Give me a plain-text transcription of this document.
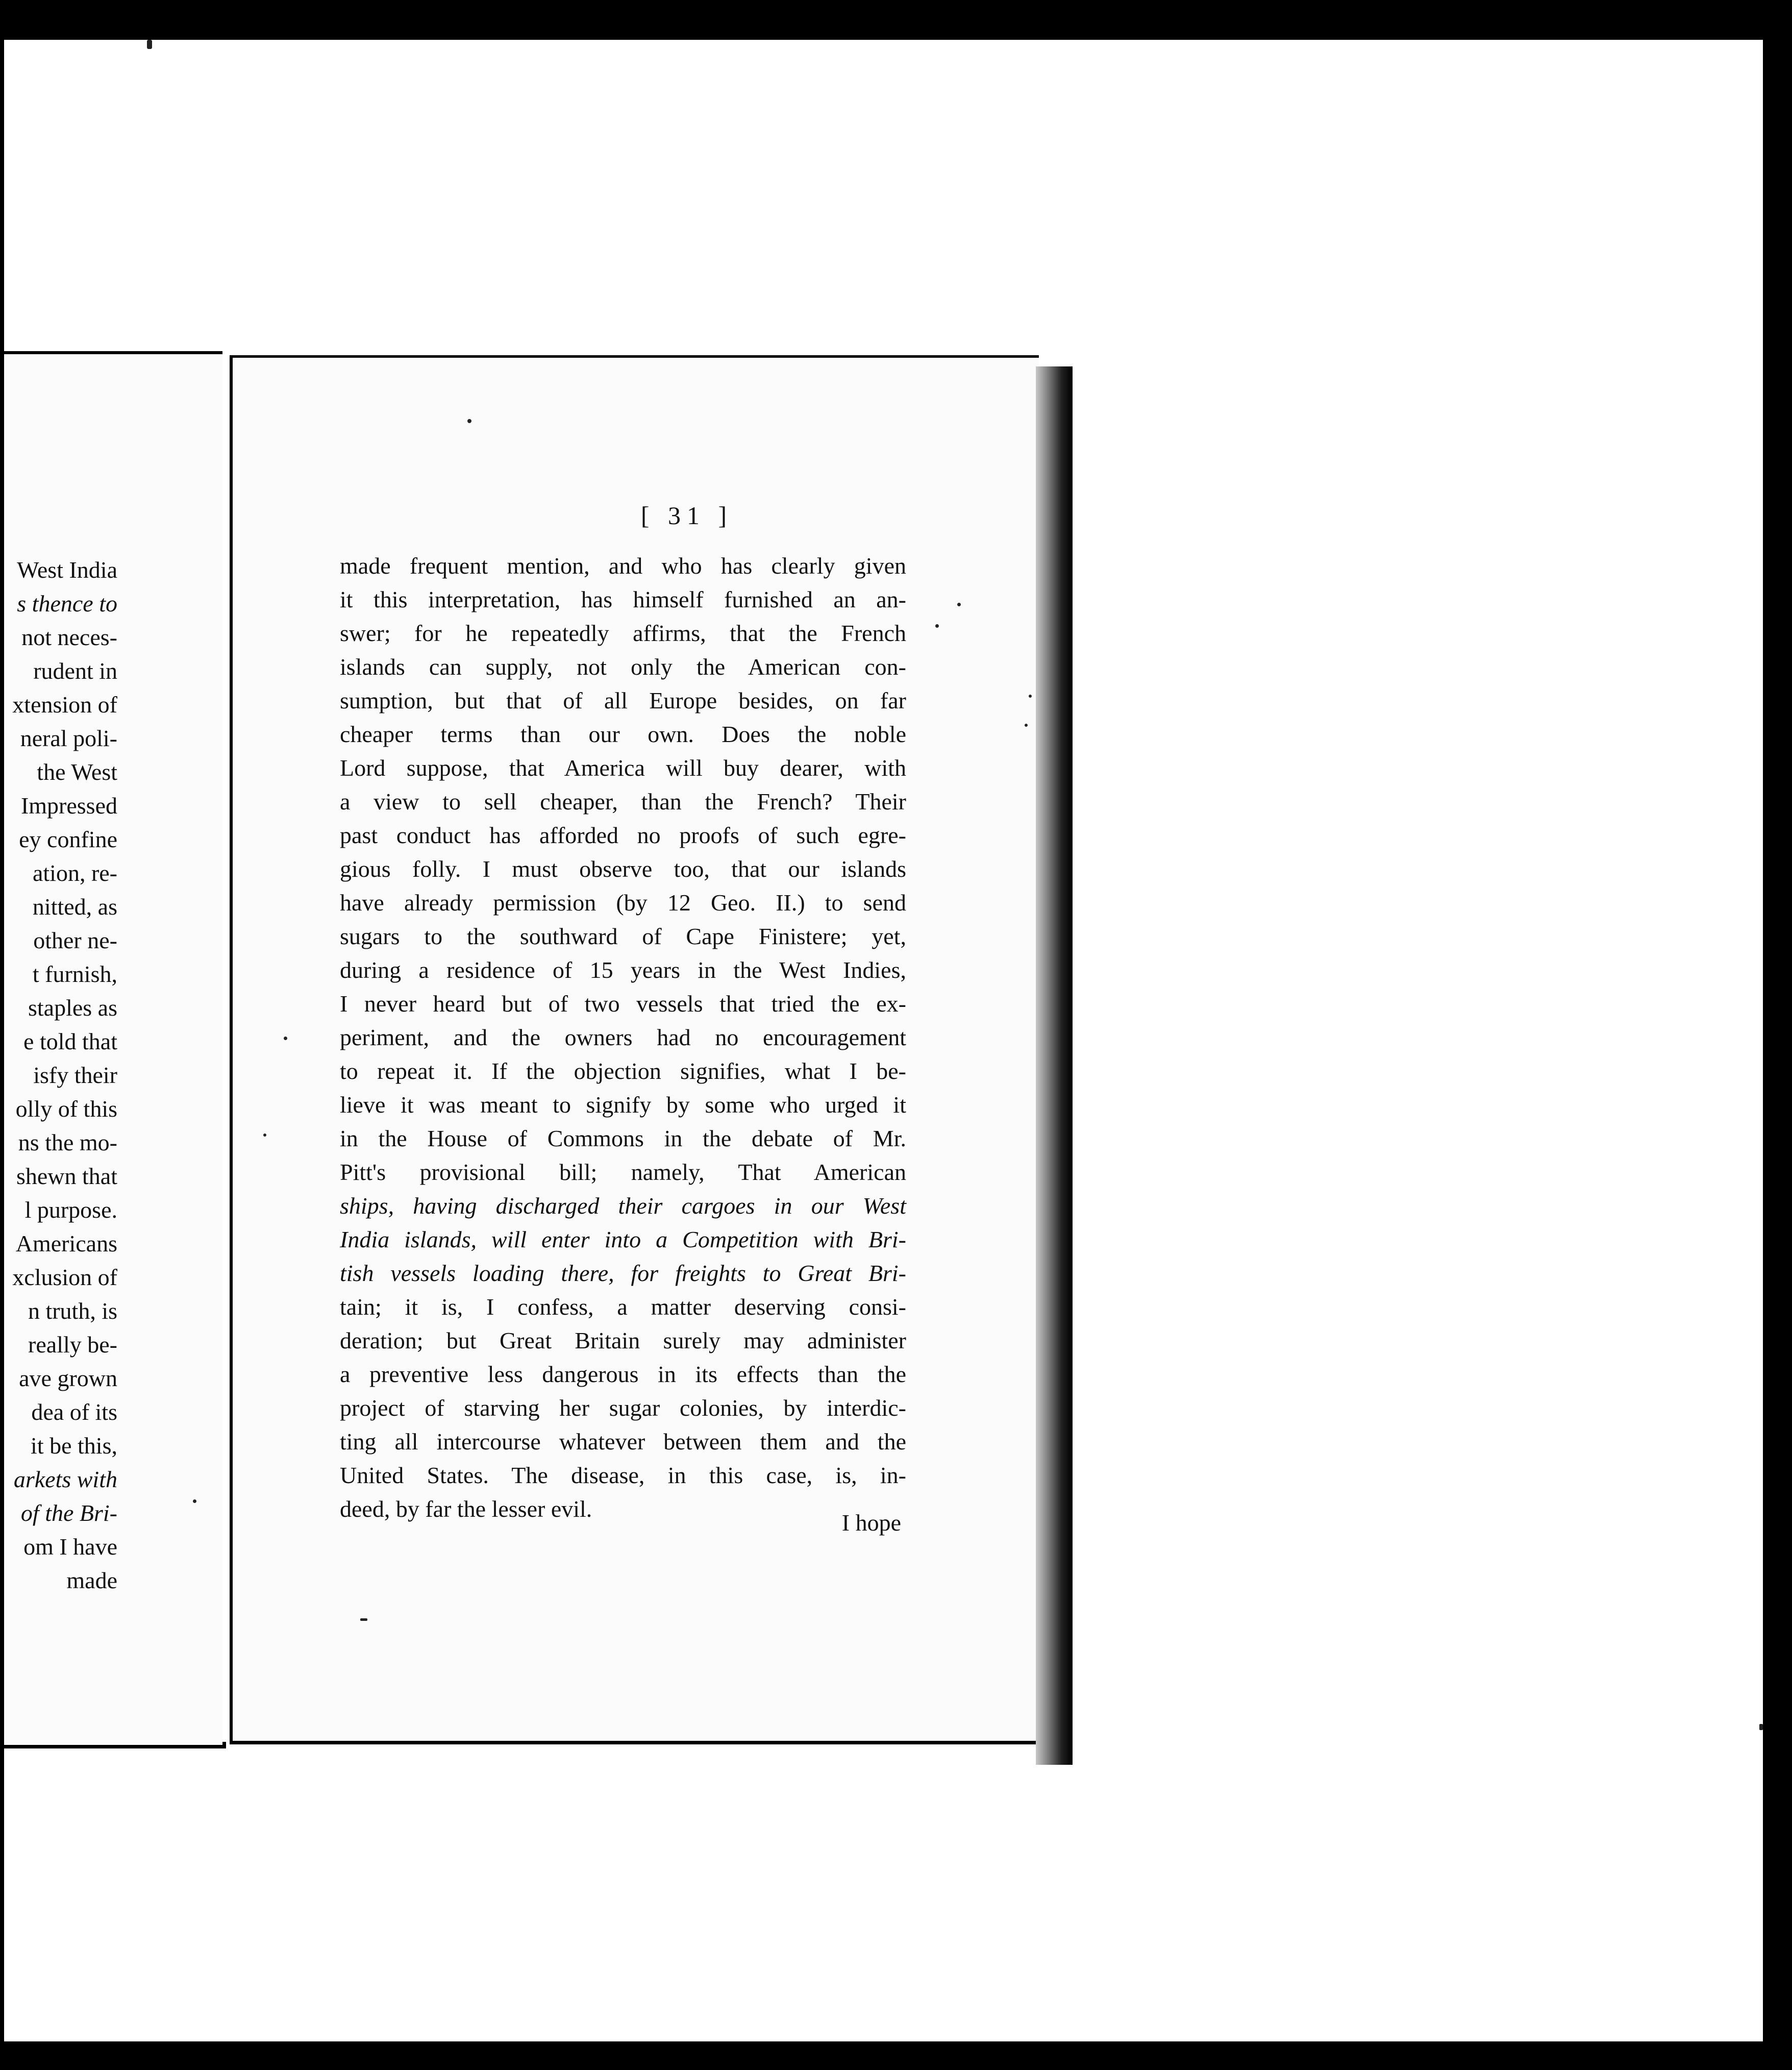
West India
s thence to
not neces-
rudent in
xtension of
neral poli-
the West
Impressed
ey confine
ation, re-
nitted, as
other ne-
t furnish,
staples as
e told that
isfy their
olly of this
ns the mo-
shewn that
l purpose.
Americans
xclusion of
n truth, is
really be-
ave grown
dea of its
it be this,
arkets with
of the Bri-
om I have
made
[ 31 ]
made frequent mention, and who has clearly given
it this interpretation, has himself furnished an an-
swer; for he repeatedly affirms, that the French
islands can supply, not only the American con-
sumption, but that of all Europe besides, on far
cheaper terms than our own. Does the noble
Lord suppose, that America will buy dearer, with
a view to sell cheaper, than the French? Their
past conduct has afforded no proofs of such egre-
gious folly. I must observe too, that our islands
have already permission (by 12 Geo. II.) to send
sugars to the southward of Cape Finistere; yet,
during a residence of 15 years in the West Indies,
I never heard but of two vessels that tried the ex-
periment, and the owners had no encouragement
to repeat it. If the objection signifies, what I be-
lieve it was meant to signify by some who urged it
in the House of Commons in the debate of Mr.
Pitt's provisional bill; namely, That American
ships, having discharged their cargoes in our West
India islands, will enter into a Competition with Bri-
tish vessels loading there, for freights to Great Bri-
tain; it is, I confess, a matter deserving consi-
deration; but Great Britain surely may administer
a preventive less dangerous in its effects than the
project of starving her sugar colonies, by interdic-
ting all intercourse whatever between them and the
United States. The disease, in this case, is, in-
deed, by far the lesser evil.
I hope
